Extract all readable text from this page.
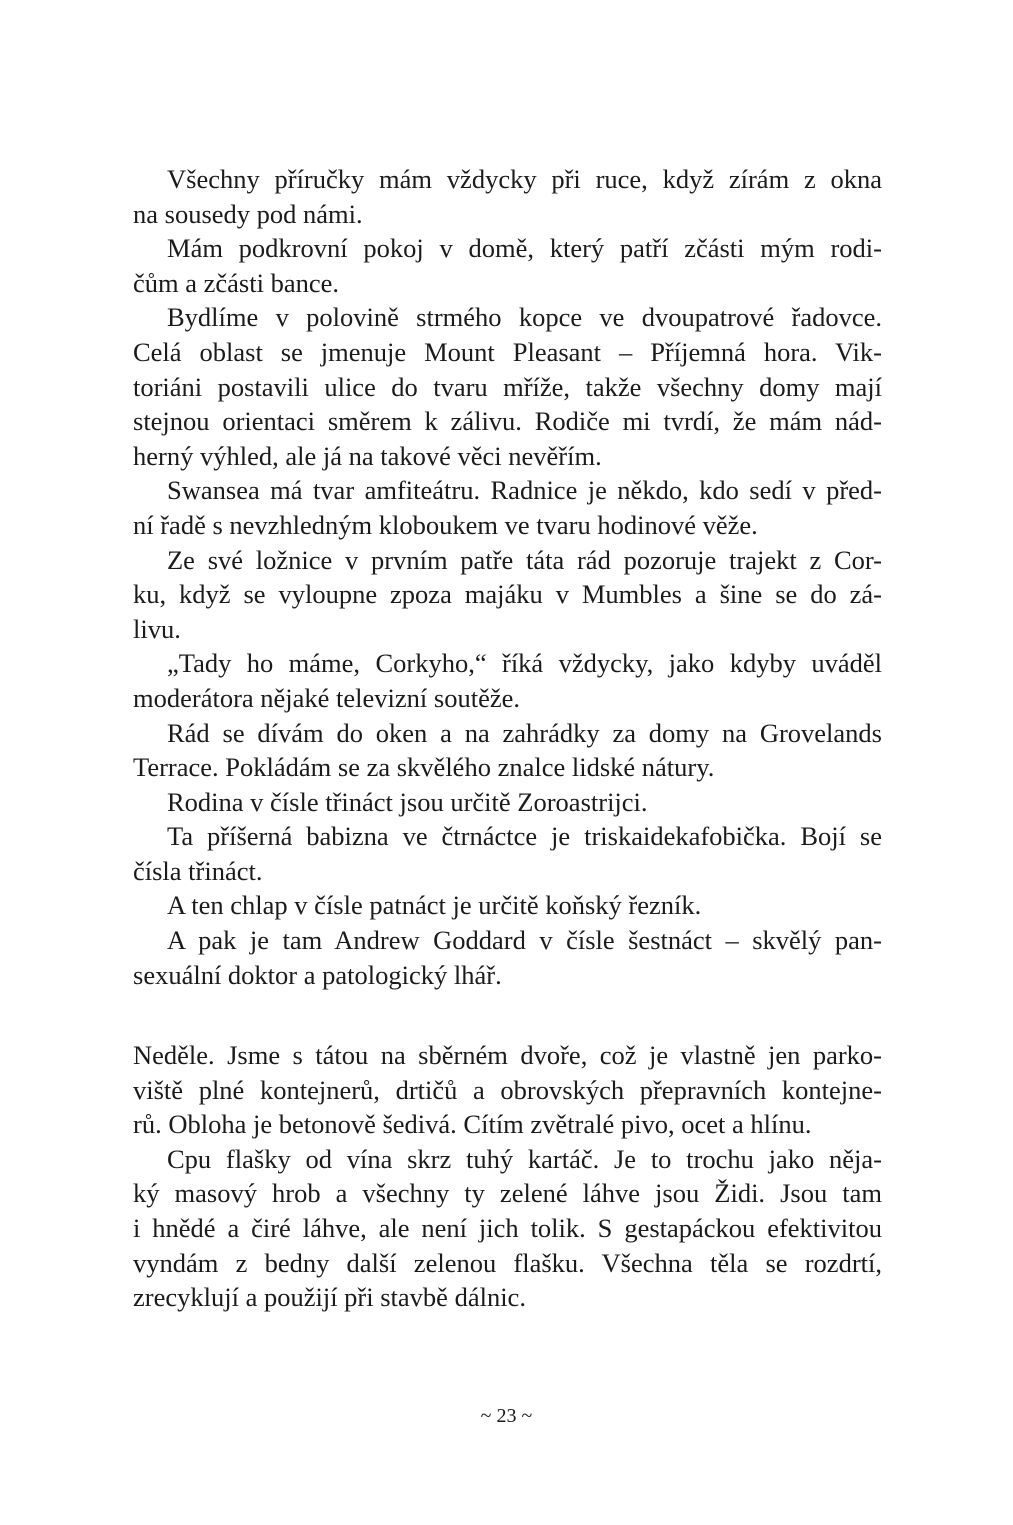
Všechny příručky mám vždycky při ruce, když zírám z okna
na sousedy pod námi.
Mám podkrovní pokoj v domě, který patří zčásti mým rodi-
čům a zčásti bance.
Bydlíme v polovině strmého kopce ve dvoupatrové řadovce.
Celá oblast se jmenuje Mount Pleasant – Příjemná hora. Vik-
toriáni postavili ulice do tvaru mříže, takže všechny domy mají
stejnou orientaci směrem k zálivu. Rodiče mi tvrdí, že mám nád-
herný výhled, ale já na takové věci nevěřím.
Swansea má tvar amfiteátru. Radnice je někdo, kdo sedí v před-
ní řadě s nevzhledným kloboukem ve tvaru hodinové věže.
Ze své ložnice v prvním patře táta rád pozoruje trajekt z Cor-
ku, když se vyloupne zpoza majáku v Mumbles a šine se do zá-
livu.
„Tady ho máme, Corkyho,“ říká vždycky, jako kdyby uváděl
moderátora nějaké televizní soutěže.
Rád se dívám do oken a na zahrádky za domy na Grovelands
Terrace. Pokládám se za skvělého znalce lidské nátury.
Rodina v čísle třináct jsou určitě Zoroastrijci.
Ta příšerná babizna ve čtrnáctce je triskaidekafobička. Bojí se
čísla třináct.
A ten chlap v čísle patnáct je určitě koňský řezník.
A pak je tam Andrew Goddard v čísle šestnáct – skvělý pan-
sexuální doktor a patologický lhář.
Neděle. Jsme s tátou na sběrném dvoře, což je vlastně jen parko-
viště plné kontejnerů, drtičů a obrovských přepravních kontejne-
rů. Obloha je betonově šedivá. Cítím zvětralé pivo, ocet a hlínu.
Cpu flašky od vína skrz tuhý kartáč. Je to trochu jako něja-
ký masový hrob a všechny ty zelené láhve jsou Židi. Jsou tam
i hnědé a čiré láhve, ale není jich tolik. S gestapáckou efektivitou
vyndám z bedny další zelenou flašku. Všechna těla se rozdrtí,
zrecyklují a použijí při stavbě dálnic.
~ 23 ~
